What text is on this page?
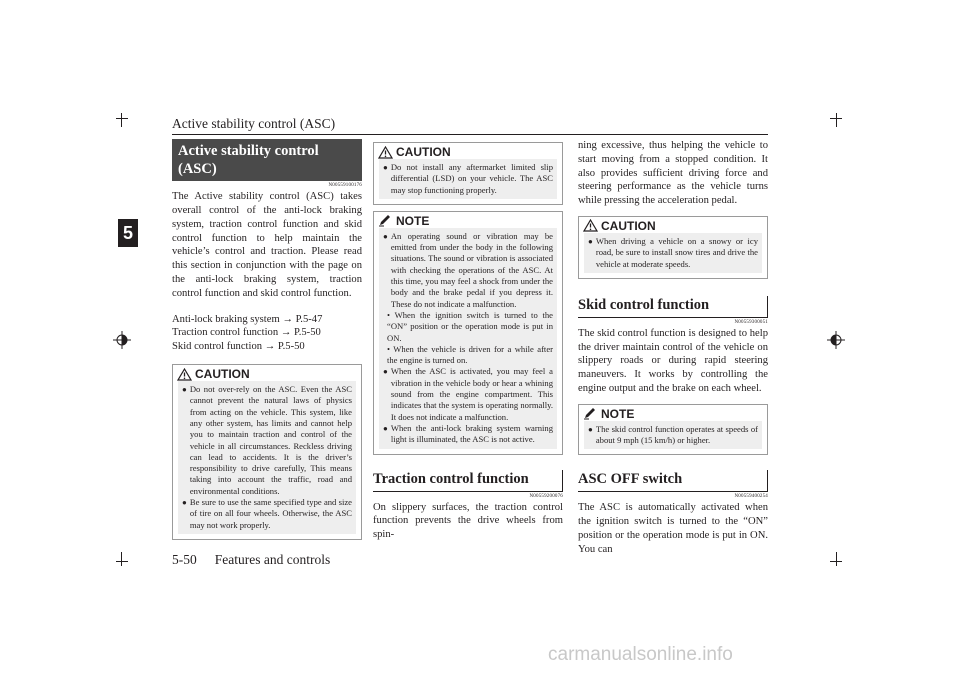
Active stability control (ASC)
5
Active stability control (ASC)
N00559100176
The Active stability control (ASC) takes overall control of the anti-lock braking system, traction control function and skid control function to help maintain the vehicle’s control and traction. Please read this section in conjunction with the page on the anti-lock braking system, traction control function and skid control function.
Anti-lock braking system → P.5-47
Traction control function → P.5-50
Skid control function → P.5-50
CAUTION
● Do not over-rely on the ASC. Even the ASC cannot prevent the natural laws of physics from acting on the vehicle. This system, like any other system, has limits and cannot help you to maintain traction and control of the vehicle in all circumstances. Reckless driving can lead to accidents. It is the driver’s responsibility to drive carefully, This means taking into account the traffic, road and environmental conditions.
● Be sure to use the same specified type and size of tire on all four wheels. Otherwise, the ASC may not work properly.
CAUTION
● Do not install any aftermarket limited slip differential (LSD) on your vehicle. The ASC may stop functioning properly.
NOTE
● An operating sound or vibration may be emitted from under the body in the following situations. The sound or vibration is associated with checking the operations of the ASC. At this time, you may feel a shock from under the body and the brake pedal if you depress it. These do not indicate a malfunction.
• When the ignition switch is turned to the “ON” position or the operation mode is put in ON.
• When the vehicle is driven for a while after the engine is turned on.
● When the ASC is activated, you may feel a vibration in the vehicle body or hear a whining sound from the engine compartment. This indicates that the system is operating normally. It does not indicate a malfunction.
● When the anti-lock braking system warning light is illuminated, the ASC is not active.
Traction control function
N00559200076
On slippery surfaces, the traction control function prevents the drive wheels from spin-
ning excessive, thus helping the vehicle to start moving from a stopped condition. It also provides sufficient driving force and steering performance as the vehicle turns while pressing the acceleration pedal.
CAUTION
● When driving a vehicle on a snowy or icy road, be sure to install snow tires and drive the vehicle at moderate speeds.
Skid control function
N00559300051
The skid control function is designed to help the driver maintain control of the vehicle on slippery roads or during rapid steering maneuvers. It works by controlling the engine output and the brake on each wheel.
NOTE
● The skid control function operates at speeds of about 9 mph (15 km/h) or higher.
ASC OFF switch
N00559400254
The ASC is automatically activated when the ignition switch is turned to the “ON” position or the operation mode is put in ON. You can
5-50 Features and controls
carmanualsonline.info
